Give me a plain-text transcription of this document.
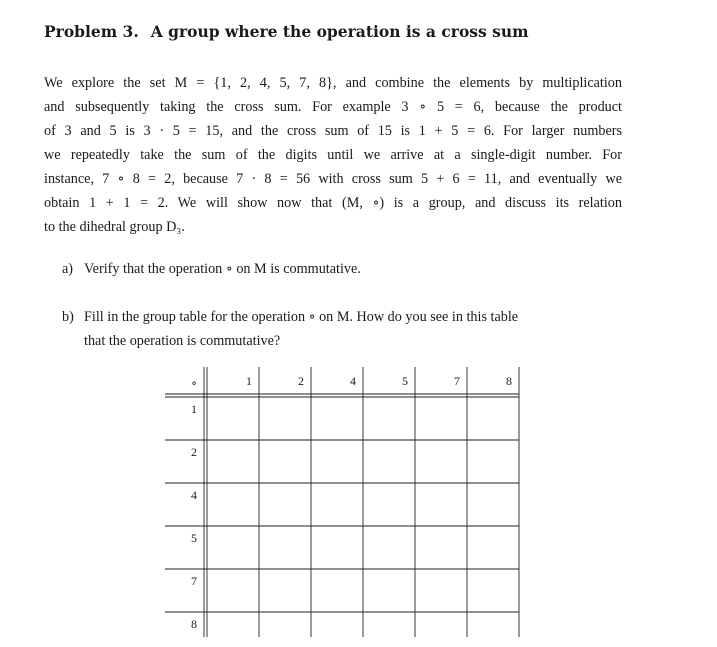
Problem 3. A group where the operation is a cross sum
We explore the set M = {1, 2, 4, 5, 7, 8}, and combine the elements by multiplication
and subsequently taking the cross sum. For example 3 ∘ 5 = 6, because the product
of 3 and 5 is 3 · 5 = 15, and the cross sum of 15 is 1 + 5 = 6. For larger numbers
we repeatedly take the sum of the digits until we arrive at a single-digit number. For
instance, 7 ∘ 8 = 2, because 7 · 8 = 56 with cross sum 5 + 6 = 11, and eventually we
obtain 1 + 1 = 2. We will show now that (M, ∘) is a group, and discuss its relation
to the dihedral group D₃.
a) Verify that the operation ∘ on M is commutative.
b) Fill in the group table for the operation ∘ on M. How do you see in this table
that the operation is commutative?
∘	1	2	4	5	7	8
1
2
4
5
7
8
